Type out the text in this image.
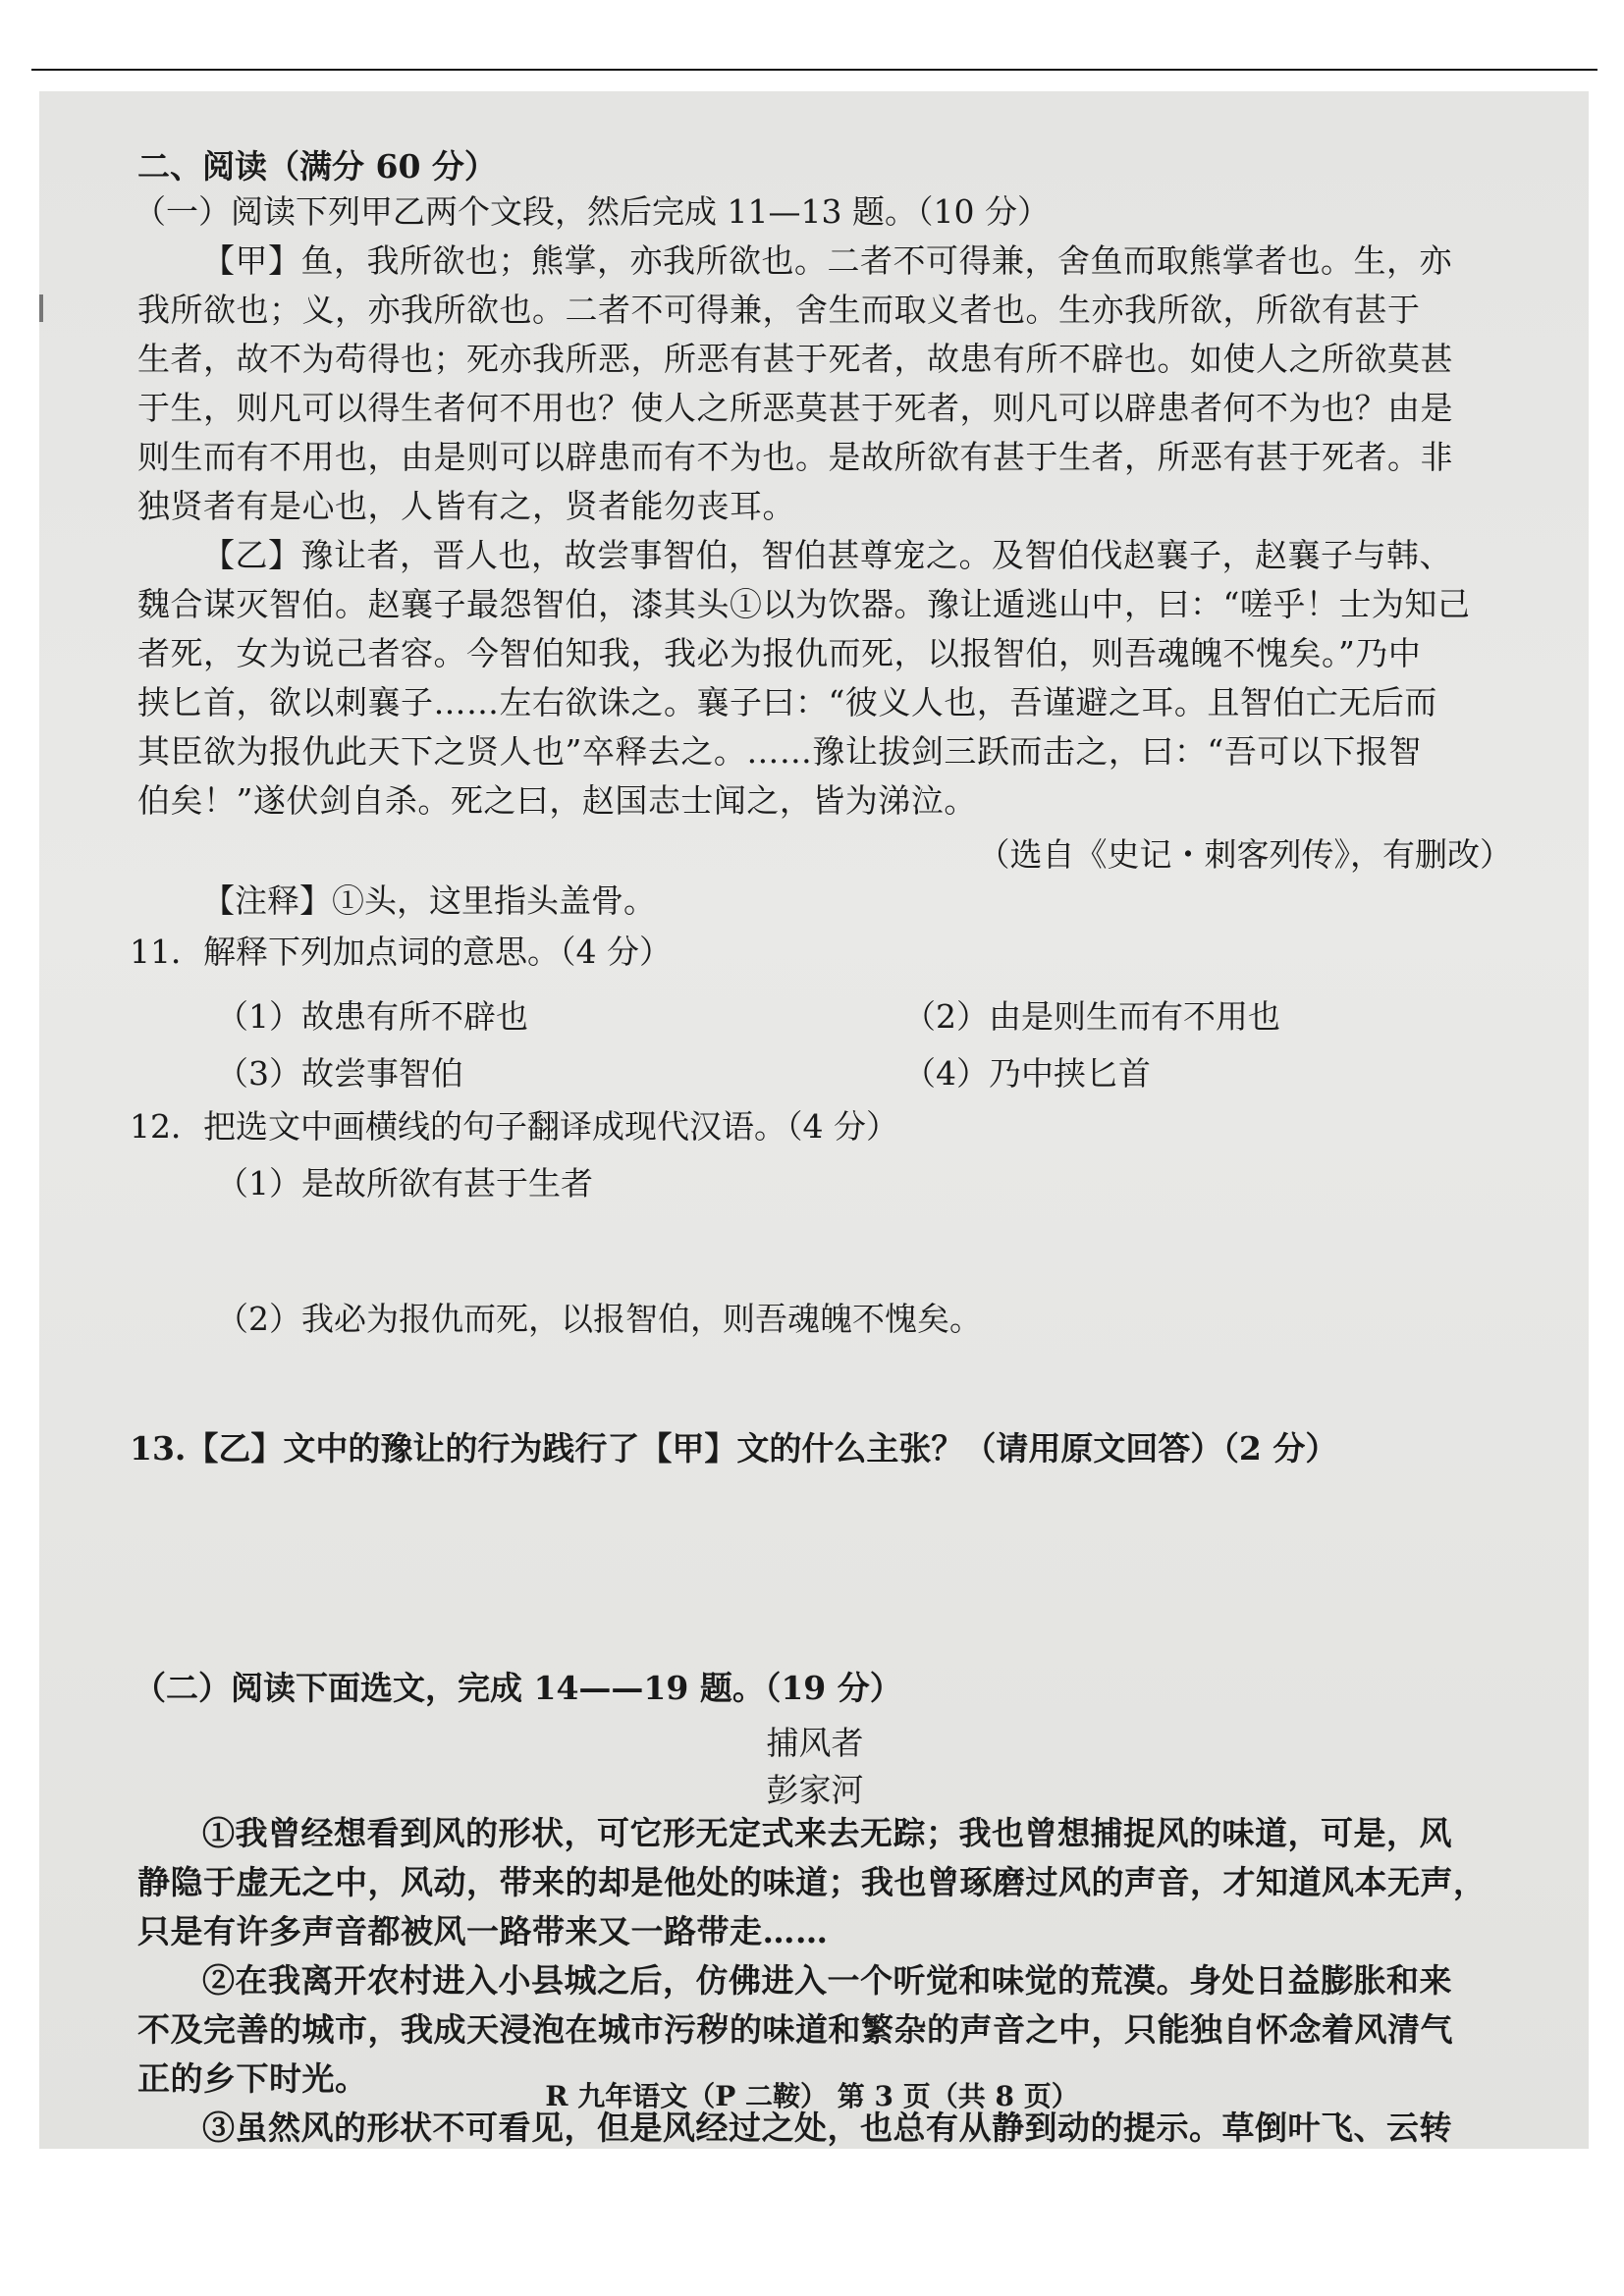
二、阅读（满分 60 分）
（一）阅读下列甲乙两个文段，然后完成 11—13 题。（10 分）
【甲】鱼，我所欲也；熊掌，亦我所欲也。二者不可得兼，舍鱼而取熊掌者也。生，亦
我所欲也；义，亦我所欲也。二者不可得兼，舍生而取义者也。生亦我所欲，所欲有甚于
生者，故不为苟得也；死亦我所恶，所恶有甚于死者，故患有所不辟也。如使人之所欲莫甚
于生，则凡可以得生者何不用也？使人之所恶莫甚于死者，则凡可以辟患者何不为也？由是
则生而有不用也，由是则可以辟患而有不为也。是故所欲有甚于生者，所恶有甚于死者。非
独贤者有是心也，人皆有之，贤者能勿丧耳。
【乙】豫让者，晋人也，故尝事智伯，智伯甚尊宠之。及智伯伐赵襄子，赵襄子与韩、
魏合谋灭智伯。赵襄子最怨智伯，漆其头①以为饮器。豫让遁逃山中，曰：“嗟乎！士为知己
者死，女为说己者容。今智伯知我，我必为报仇而死，以报智伯，则吾魂魄不愧矣。”乃中
挟匕首，欲以刺襄子……左右欲诛之。襄子曰：“彼义人也，吾谨避之耳。且智伯亡无后而
其臣欲为报仇此天下之贤人也”卒释去之。……豫让拔剑三跃而击之，曰：“吾可以下报智
伯矣！”遂伏剑自杀。死之曰，赵国志士闻之，皆为涕泣。
（选自《史记・刺客列传》，有删改）
【注释】①头，这里指头盖骨。
11．解释下列加点词的意思。（4 分）
（1）故患有所不辟也	（2）由是则生而有不用也
（3）故尝事智伯	（4）乃中挟匕首
12．把选文中画横线的句子翻译成现代汉语。（4 分）
（1）是故所欲有甚于生者
（2）我必为报仇而死，以报智伯，则吾魂魄不愧矣。
13.【乙】文中的豫让的行为践行了【甲】文的什么主张？（请用原文回答）（2 分）
（二）阅读下面选文，完成 14——19 题。（19 分）
捕风者
彭家河
①我曾经想看到风的形状，可它形无定式来去无踪；我也曾想捕捉风的味道，可是，风
静隐于虚无之中，风动，带来的却是他处的味道；我也曾琢磨过风的声音，才知道风本无声，
只是有许多声音都被风一路带来又一路带走……
②在我离开农村进入小县城之后，仿佛进入一个听觉和味觉的荒漠。身处日益膨胀和来
不及完善的城市，我成天浸泡在城市污秽的味道和繁杂的声音之中，只能独自怀念着风清气
正的乡下时光。
③虽然风的形状不可看见，但是风经过之处，也总有从静到动的提示。草倒叶飞、云转
R 九年语文（P 二鞍） 第 3 页（共 8 页）
